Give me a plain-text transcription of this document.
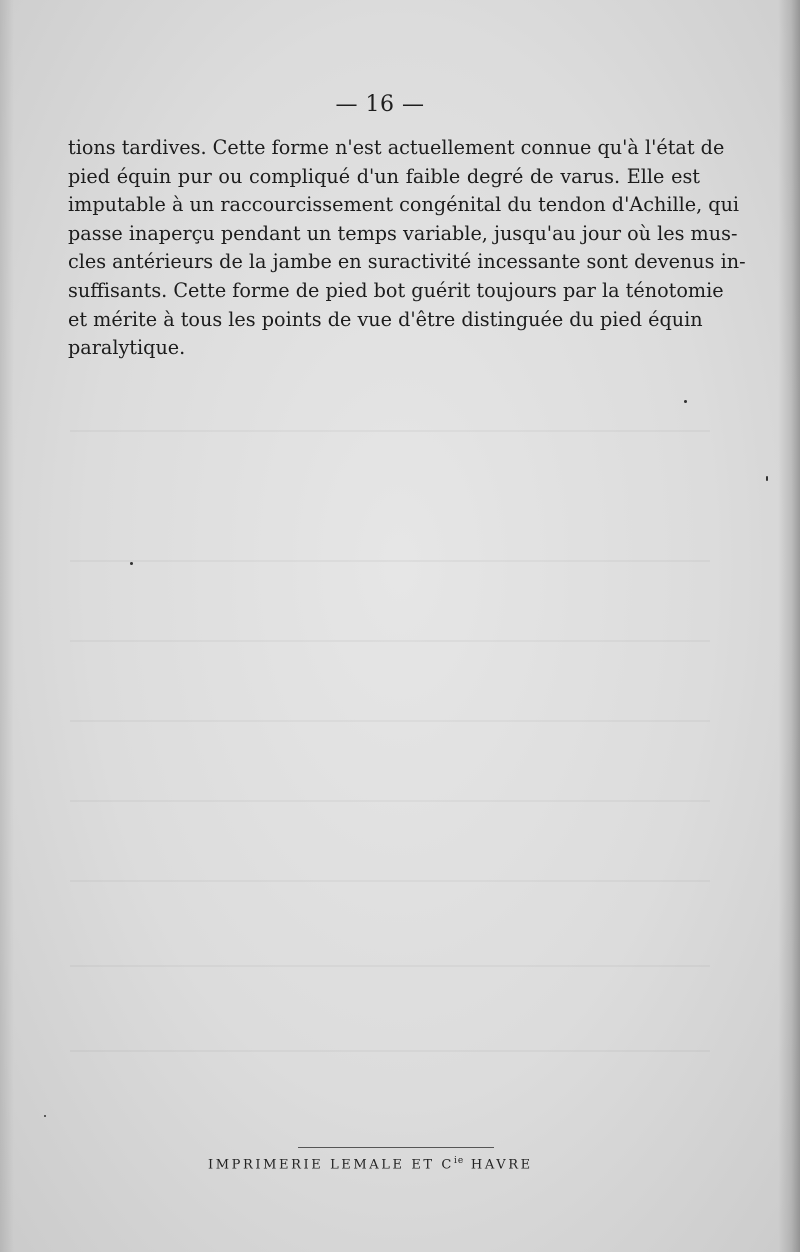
— 16 —
tions tardives. Cette forme n'est actuellement connue qu'à l'état de
pied équin pur ou compliqué d'un faible degré de varus. Elle est
imputable à un raccourcissement congénital du tendon d'Achille, qui
passe inaperçu pendant un temps variable, jusqu'au jour où les mus-
cles antérieurs de la jambe en suractivité incessante sont devenus in-
suffisants. Cette forme de pied bot guérit toujours par la ténotomie
et mérite à tous les points de vue d'être distinguée du pied équin
paralytique.
IMPRIMERIE LEMALE ET $C^{ie}$ HAVRE
